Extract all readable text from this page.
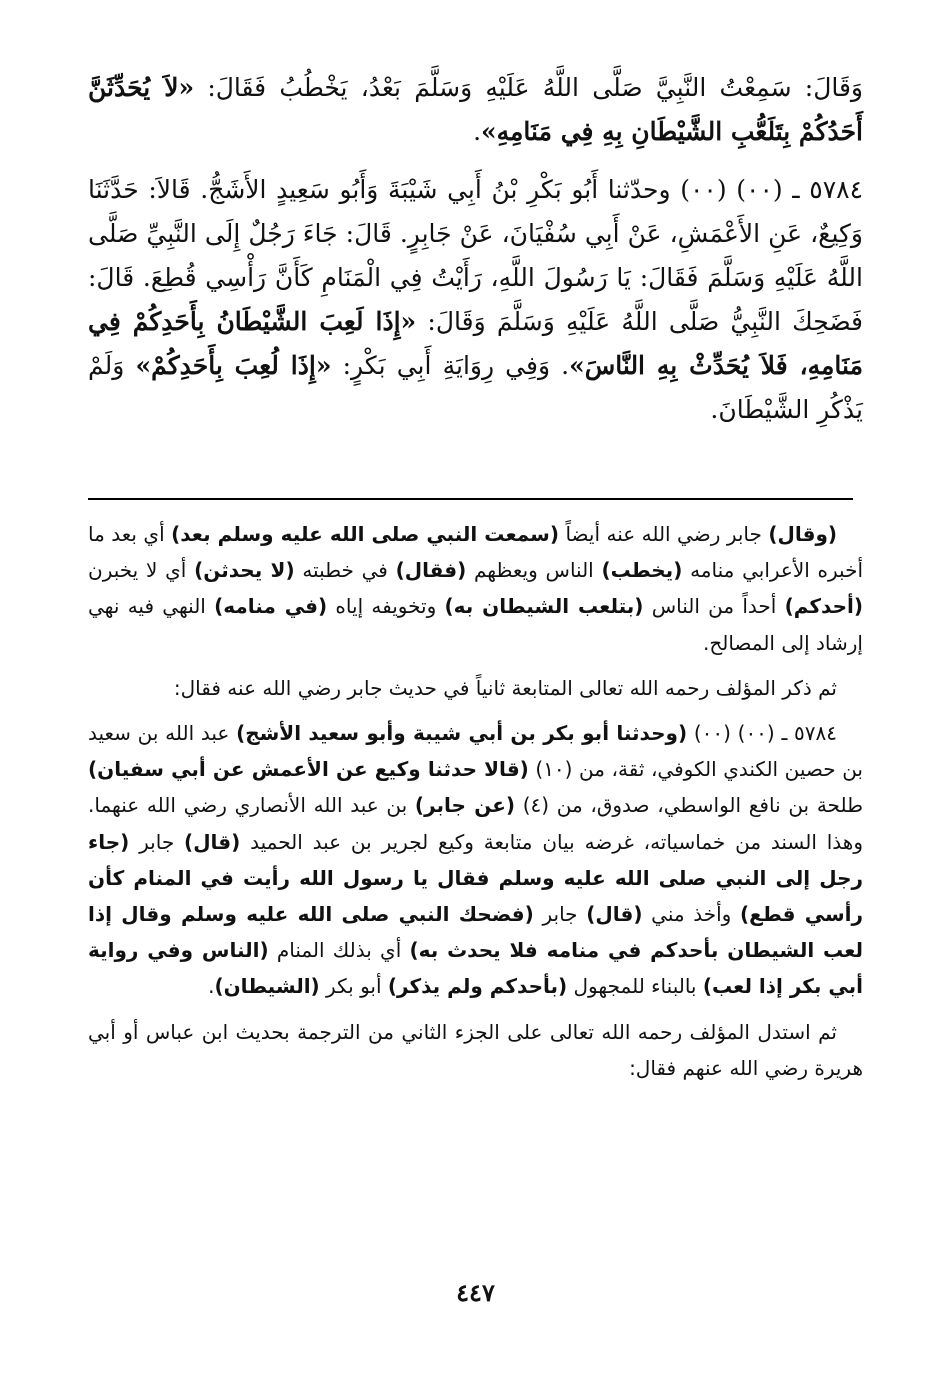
وَقَالَ: سَمِعْتُ النَّبِيَّ صَلَّى اللَّهُ عَلَيْهِ وَسَلَّمَ بَعْدُ، يَخْطُبُ فَقَالَ: «لاَ يُحَدِّثَنَّ أَحَدُكُمْ بِتَلَعُّبِ الشَّيْطَانِ بِهِ فِي مَنَامِهِ».

٥٧٨٤ ـ (٠٠) (٠٠) وحدّثنا أَبُو بَكْرِ بْنُ أَبِي شَيْبَةَ وَأَبُو سَعِيدٍ الأَشَجُّ. قَالاَ: حَدَّثَنَا وَكِيعٌ، عَنِ الأَعْمَشِ، عَنْ أَبِي سُفْيَانَ، عَنْ جَابِرٍ. قَالَ: جَاءَ رَجُلٌ إِلَى النَّبِيِّ صَلَّى اللَّهُ عَلَيْهِ وَسَلَّمَ فَقَالَ: يَا رَسُولَ اللَّهِ، رَأَيْتُ فِي الْمَنَامِ كَأَنَّ رَأْسِي قُطِعَ. قَالَ: فَضَحِكَ النَّبِيُّ صَلَّى اللَّهُ عَلَيْهِ وَسَلَّمَ وَقَالَ: «إِذَا لَعِبَ الشَّيْطَانُ بِأَحَدِكُمْ فِي مَنَامِهِ، فَلاَ يُحَدِّثْ بِهِ النَّاسَ». وَفِي رِوَايَةِ أَبِي بَكْرٍ: «إِذَا لُعِبَ بِأَحَدِكُمْ» وَلَمْ يَذْكُرِ الشَّيْطَانَ.

(وقال) جابر رضي الله عنه أيضاً (سمعت النبي صلى الله عليه وسلم بعد) أي بعد ما أخبره الأعرابي منامه (يخطب) الناس ويعظهم (فقال) في خطبته (لا يحدثن) أي لا يخبرن (أحدكم) أحداً من الناس (بتلعب الشيطان به) وتخويفه إياه (في منامه) النهي فيه نهي إرشاد إلى المصالح.

ثم ذكر المؤلف رحمه الله تعالى المتابعة ثانياً في حديث جابر رضي الله عنه فقال:

٥٧٨٤ ـ (٠٠) (٠٠) (وحدثنا أبو بكر بن أبي شيبة وأبو سعيد الأشج) عبد الله بن سعيد بن حصين الكندي الكوفي، ثقة، من (١٠) (قالا حدثنا وكيع عن الأعمش عن أبي سفيان) طلحة بن نافع الواسطي، صدوق، من (٤) (عن جابر) بن عبد الله الأنصاري رضي الله عنهما. وهذا السند من خماسياته، غرضه بيان متابعة وكيع لجرير بن عبد الحميد (قال) جابر (جاء رجل إلى النبي صلى الله عليه وسلم فقال يا رسول الله رأيت في المنام كأن رأسي قطع) وأخذ مني (قال) جابر (فضحك النبي صلى الله عليه وسلم وقال إذا لعب الشيطان بأحدكم في منامه فلا يحدث به) أي بذلك المنام (الناس وفي رواية أبي بكر إذا لعب) بالبناء للمجهول (بأحدكم ولم يذكر) أبو بكر (الشيطان).

ثم استدل المؤلف رحمه الله تعالى على الجزء الثاني من الترجمة بحديث ابن عباس أو أبي هريرة رضي الله عنهم فقال:

٤٤٧
